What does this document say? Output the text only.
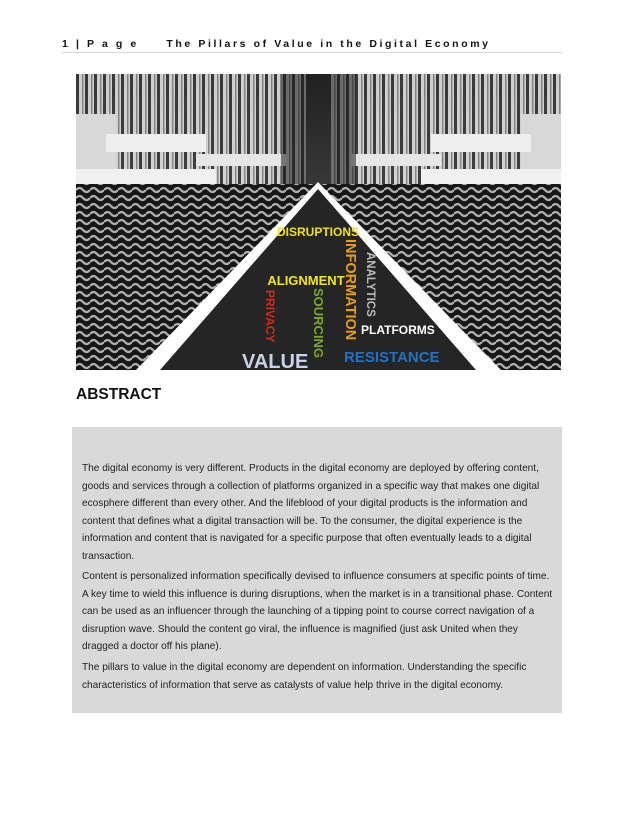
1 | P a g e	The Pillars of Value in the Digital Economy
DISRUPTIONS
ALIGNMENT
INFORMATION ANALYTICS
SOURCING
PRIVACY	PLATFORMS
VALUE RESISTANCE
ABSTRACT
The digital economy is very different. Products in the digital economy are deployed by offering content, goods and services through a collection of platforms organized in a specific way that makes one digital ecosphere different than every other. And the lifeblood of your digital products is the information and content that defines what a digital transaction will be. To the consumer, the digital experience is the information and content that is navigated for a specific purpose that often eventually leads to a digital transaction.
Content is personalized information specifically devised to influence consumers at specific points of time. A key time to wield this influence is during disruptions, when the market is in a transitional phase. Content can be used as an influencer through the launching of a tipping point to course correct navigation of a disruption wave. Should the content go viral, the influence is magnified (just ask United when they dragged a doctor off his plane).
The pillars to value in the digital economy are dependent on information. Understanding the specific characteristics of information that serve as catalysts of value help thrive in the digital economy.
